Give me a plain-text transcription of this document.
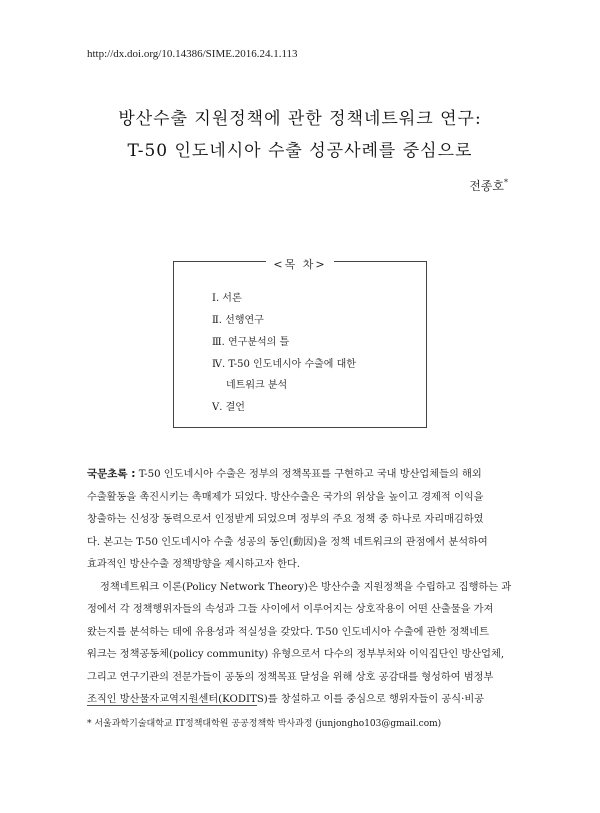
http://dx.doi.org/10.14386/SIME.2016.24.1.113
방산수출 지원정책에 관한 정책네트워크 연구:
T-50 인도네시아 수출 성공사례를 중심으로
전종호*
<목 차>
Ⅰ. 서론
Ⅱ. 선행연구
Ⅲ. 연구분석의 틀
Ⅳ. T-50 인도네시아 수출에 대한
네트워크 분석
Ⅴ. 결언
국문초록 : T-50 인도네시아 수출은 정부의 정책목표를 구현하고 국내 방산업체들의 해외
수출활동을 촉진시키는 촉매제가 되었다. 방산수출은 국가의 위상을 높이고 경제적 이익을
창출하는 신성장 동력으로서 인정받게 되었으며 정부의 주요 정책 중 하나로 자리매김하였
다. 본고는 T-50 인도네시아 수출 성공의 동인(動因)을 정책 네트워크의 관점에서 분석하여
효과적인 방산수출 정책방향을 제시하고자 한다.
정책네트워크 이론(Policy Network Theory)은 방산수출 지원정책을 수립하고 집행하는 과
정에서 각 정책행위자들의 속성과 그들 사이에서 이루어지는 상호작용이 어떤 산출물을 가져
왔는지를 분석하는 데에 유용성과 적실성을 갖았다. T-50 인도네시아 수출에 관한 정책네트
워크는 정책공동체(policy community) 유형으로서 다수의 정부부처와 이익집단인 방산업체,
그리고 연구기관의 전문가들이 공동의 정책목표 달성을 위해 상호 공감대를 형성하여 범정부
조직인 방산물자교역지원센터(KODITS)를 창설하고 이를 중심으로 행위자들이 공식·비공
* 서울과학기술대학교 IT정책대학원 공공정책학 박사과정 (junjongho103@gmail.com)
